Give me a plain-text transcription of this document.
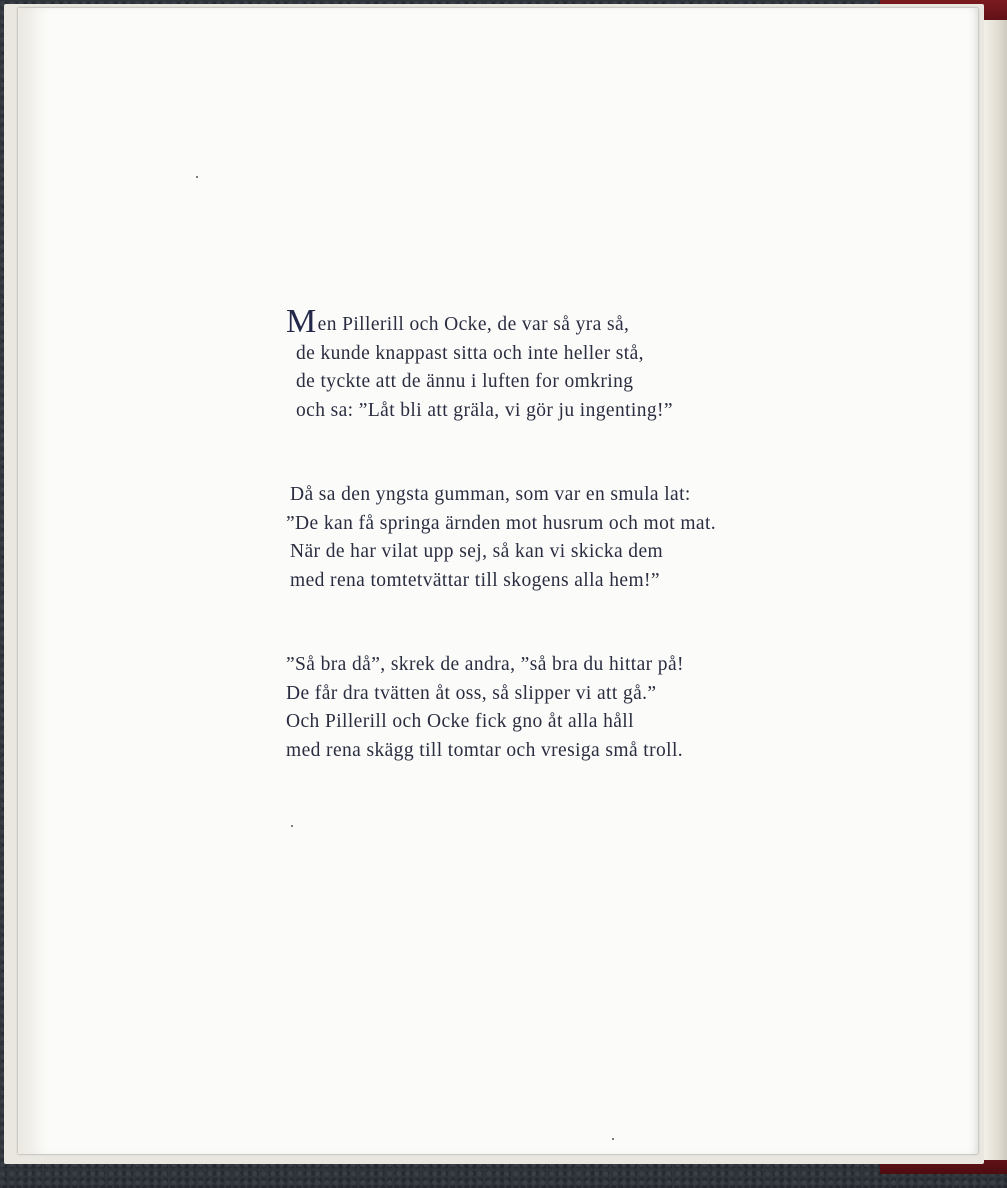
Men Pillerill och Ocke, de var så yra så,
de kunde knappast sitta och inte heller stå,
de tyckte att de ännu i luften for omkring
och sa: ”Låt bli att gräla, vi gör ju ingenting!”
Då sa den yngsta gumman, som var en smula lat:
”De kan få springa ärnden mot husrum och mot mat.
När de har vilat upp sej, så kan vi skicka dem
med rena tomtetvättar till skogens alla hem!”
”Så bra då”, skrek de andra, ”så bra du hittar på!
De får dra tvätten åt oss, så slipper vi att gå.”
Och Pillerill och Ocke fick gno åt alla håll
med rena skägg till tomtar och vresiga små troll.
